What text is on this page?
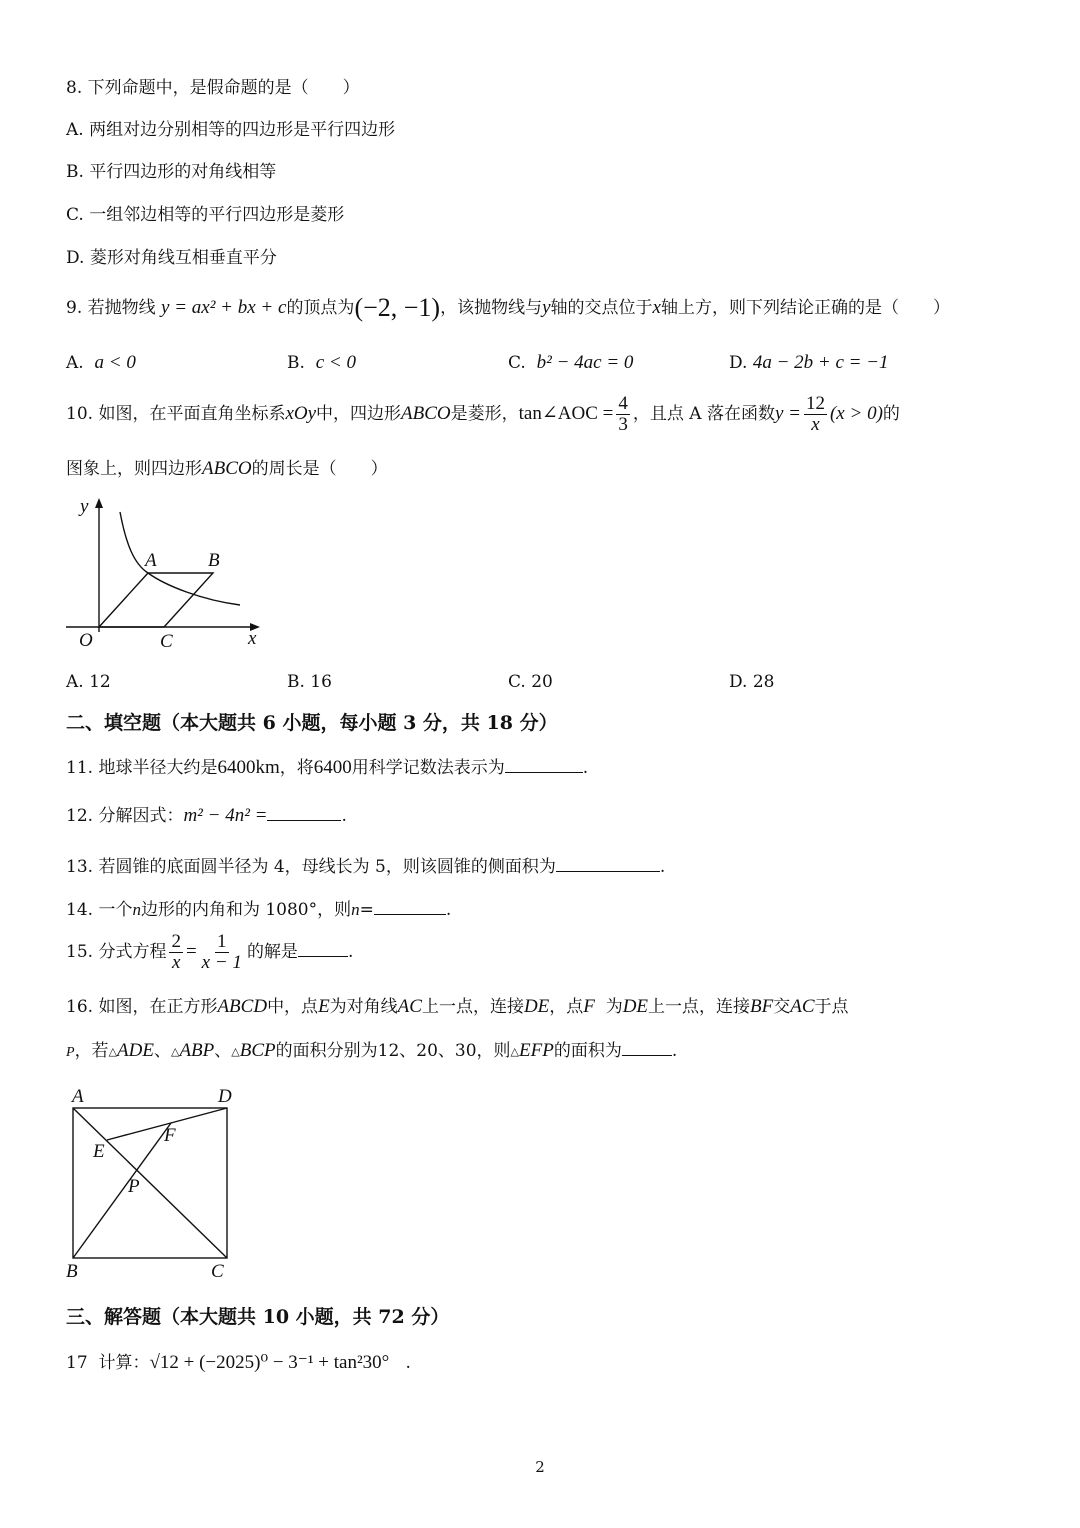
8. 下列命题中，是假命题的是（　　）
A. 两组对边分别相等的四边形是平行四边形
B. 平行四边形的对角线相等
C. 一组邻边相等的平行四边形是菱形
D. 菱形对角线互相垂直平分
9. 若抛物线 y = ax² + bx + c的顶点为(−2, −1)，该抛物线与y轴的交点位于x轴上方，则下列结论正确的是（　　）
A. a < 0	B. c < 0	C. b² − 4ac = 0	D. 4a − 2b + c = −1
10. 如图，在平面直角坐标系xOy中，四边形ABCO是菱形，tan∠AOC = $\frac{4}{3}$ ，且点 A 落在函数$y = \frac{12}{x} (x > 0)$的
图象上，则四边形ABCO的周长是（　　）
y
x
O
A	B
C
A. 12	B. 16	C. 20	D. 28
二、填空题（本大题共 6 小题，每小题 3 分，共 18 分）
11. 地球半径大约是6400km，将6400用科学记数法表示为	.
12. 分解因式：m² − 4n² =	.
13. 若圆锥的底面圆半径为 4，母线长为 5，则该圆锥的侧面积为	.
14. 一个n边形的内角和为 1080°，则n=	.
15. 分式方程 $\frac{2}{x} = \frac{1}{x - 1}$ 的解是	.
16. 如图，在正方形ABCD中，点E为对角线AC上一点，连接DE，点F 为DE上一点，连接BF交AC于点
P，若△ADE、△ABP、△BCP的面积分别为12、20、30，则△EFP的面积为	.
A	D
E
F
P
B	C
三、解答题（本大题共 10 小题，共 72 分）
17 计算：√12 + (−2025)⁰ − 3⁻¹ + tan²30° .
2
